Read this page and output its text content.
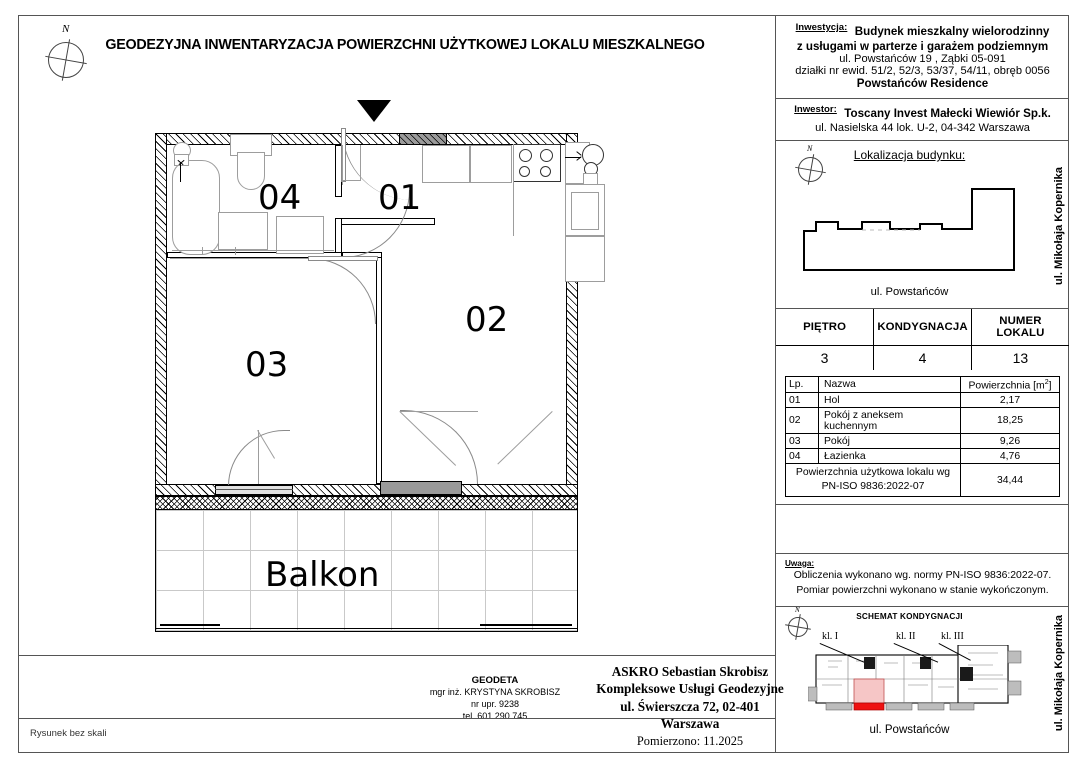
N
GEODEZYJNA INWENTARYZACJA POWIERZCHNI UŻYTKOWEJ LOKALU MIESZKALNEGO
Rysunek bez skali
Balkon
04 01
02
03
Inwestycja: Budynek mieszkalny wielorodzinny
z usługami w parterze i garażem podziemnym
ul. Powstańców 19 , Ząbki 05-091
działki nr ewid. 51/2, 52/3, 53/37, 54/11, obręb 0056
Powstańców Residence
Inwestor: Toscany Invest Małecki Wiewiór Sp.k.
ul. Nasielska 44 lok. U-2, 04-342 Warszawa
Lokalizacja budynku:
N
ul. Mikołaja Kopernika
ul. Powstańców
PIĘTRO	KONDYGNACJA	NUMER LOKALU
3	4	13
Lp.	Nazwa	Powierzchnia $[m^2]$
01	Hol	2,17
02	Pokój z aneksem kuchennym	18,25
03	Pokój	9,26
04	Łazienka	4,76
Powierzchnia użytkowa lokalu wg
PN-ISO 9836:2022-07		34,44
Uwaga:
Obliczenia wykonano wg. normy PN-ISO 9836:2022-07.
Pomiar powierzchni wykonano w stanie wykończonym.
SCHEMAT KONDYGNACJI
N
kl. I	kl. II	kl. III	ul. Mikołaja Kopernika
ul. Powstańców
GEODETA
mgr inż. KRYSTYNA SKROBISZ
nr upr. 9238
tel. 601 290 745
ASKRO Sebastian Skrobisz
Kompleksowe Usługi Geodezyjne
ul. Świerszcza 72, 02-401 Warszawa
Pomierzono: 11.2025
